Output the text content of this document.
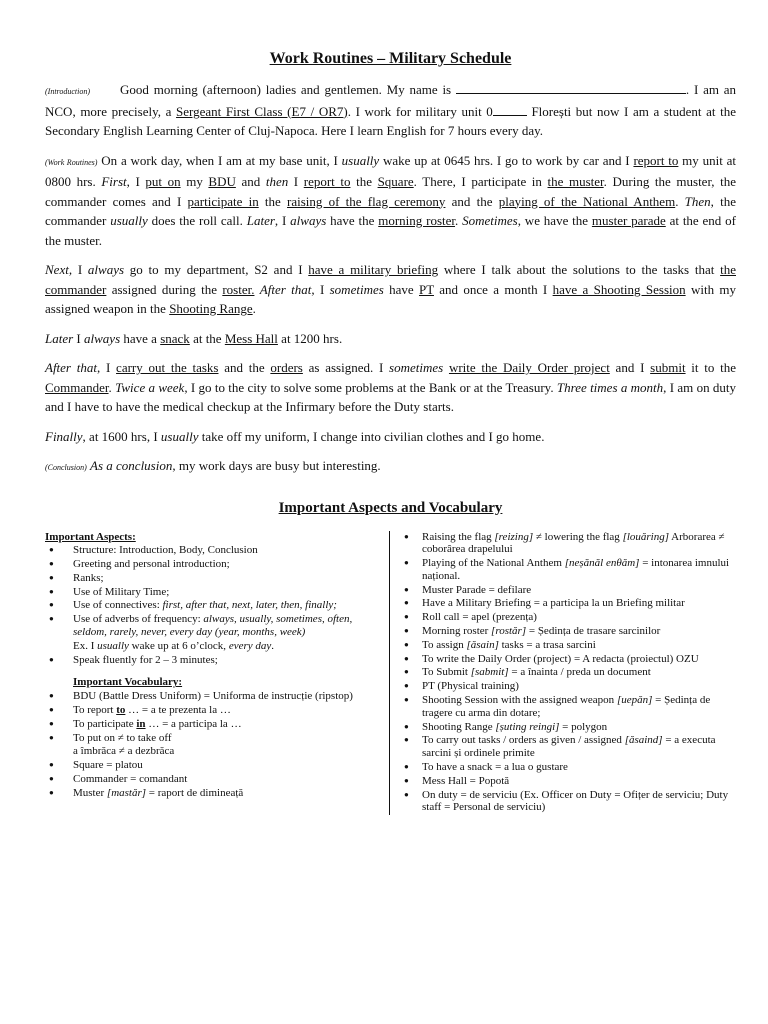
Work Routines – Military Schedule

(Introduction) Good morning (afternoon) ladies and gentlemen. My name is	. I am an NCO, more precisely, a Sergeant First Class (E7 / OR7). I work for military unit 0	Florești but now I am a student at the Secondary English Learning Center of Cluj-Napoca. Here I learn English for 7 hours every day.

(Work Routines) On a work day, when I am at my base unit, I usually wake up at 0645 hrs. I go to work by car and I report to my unit at 0800 hrs. First, I put on my BDU and then I report to the Square. There, I participate in the muster. During the muster, the commander comes and I participate in the raising of the flag ceremony and the playing of the National Anthem. Then, the commander usually does the roll call. Later, I always have the morning roster. Sometimes, we have the muster parade at the end of the muster.

Next, I always go to my department, S2 and I have a military briefing where I talk about the solutions to the tasks that the commander assigned during the roster. After that, I sometimes have PT and once a month I have a Shooting Session with my assigned weapon in the Shooting Range.

Later I always have a snack at the Mess Hall at 1200 hrs.

After that, I carry out the tasks and the orders as assigned. I sometimes write the Daily Order project and I submit it to the Commander. Twice a week, I go to the city to solve some problems at the Bank or at the Treasury. Three times a month, I am on duty and I have to have the medical checkup at the Infirmary before the Duty starts.

Finally, at 1600 hrs, I usually take off my uniform, I change into civilian clothes and I go home.

(Conclusion) As a conclusion, my work days are busy but interesting.

Important Aspects and Vocabulary
Important Aspects:
● Structure: Introduction, Body, Conclusion
● Greeting and personal introduction;
● Ranks;
● Use of Military Time;
● Use of connectives: first, after that, next, later, then, finally;
● Use of adverbs of frequency: always, usually, sometimes, often, seldom, rarely, never, every day (year, months, week)
Ex. I usually wake up at 6 o’clock, every day.
● Speak fluently for 2 – 3 minutes;
Important Vocabulary:
● BDU (Battle Dress Uniform) = Uniforma de instrucție (ripstop)
● To report to … = a te prezenta la …
● To participate in … = a participa la …
● To put on ≠ to take off
a îmbrăca ≠ a dezbrăca
● Square = platou
● Commander = comandant
● Muster [mastăr] = raport de dimineață
● Raising the flag [reizing] ≠ lowering the flag [louăring] Arborarea ≠ coborârea drapelului
● Playing of the National Anthem [neșănăl enθăm] = intonarea imnului național.
● Muster Parade = defilare
● Have a Military Briefing = a participa la un Briefing militar
● Roll call = apel (prezența)
● Morning roster [rostăr] = Ședința de trasare sarcinilor
● To assign [ăsain] tasks = a trasa sarcini
● To write the Daily Order (project) = A redacta (proiectul) OZU
● To Submit [sabmit] = a înainta / preda un document
● PT (Physical training)
● Shooting Session with the assigned weapon [uepăn] = Ședința de tragere cu arma din dotare;
● Shooting Range [șuting reingi] = polygon
● To carry out tasks / orders as given / assigned [ăsaind] = a executa sarcini și ordinele primite
● To have a snack = a lua o gustare
● Mess Hall = Popotă
● On duty = de serviciu (Ex. Officer on Duty = Ofițer de serviciu; Duty staff = Personal de serviciu)
